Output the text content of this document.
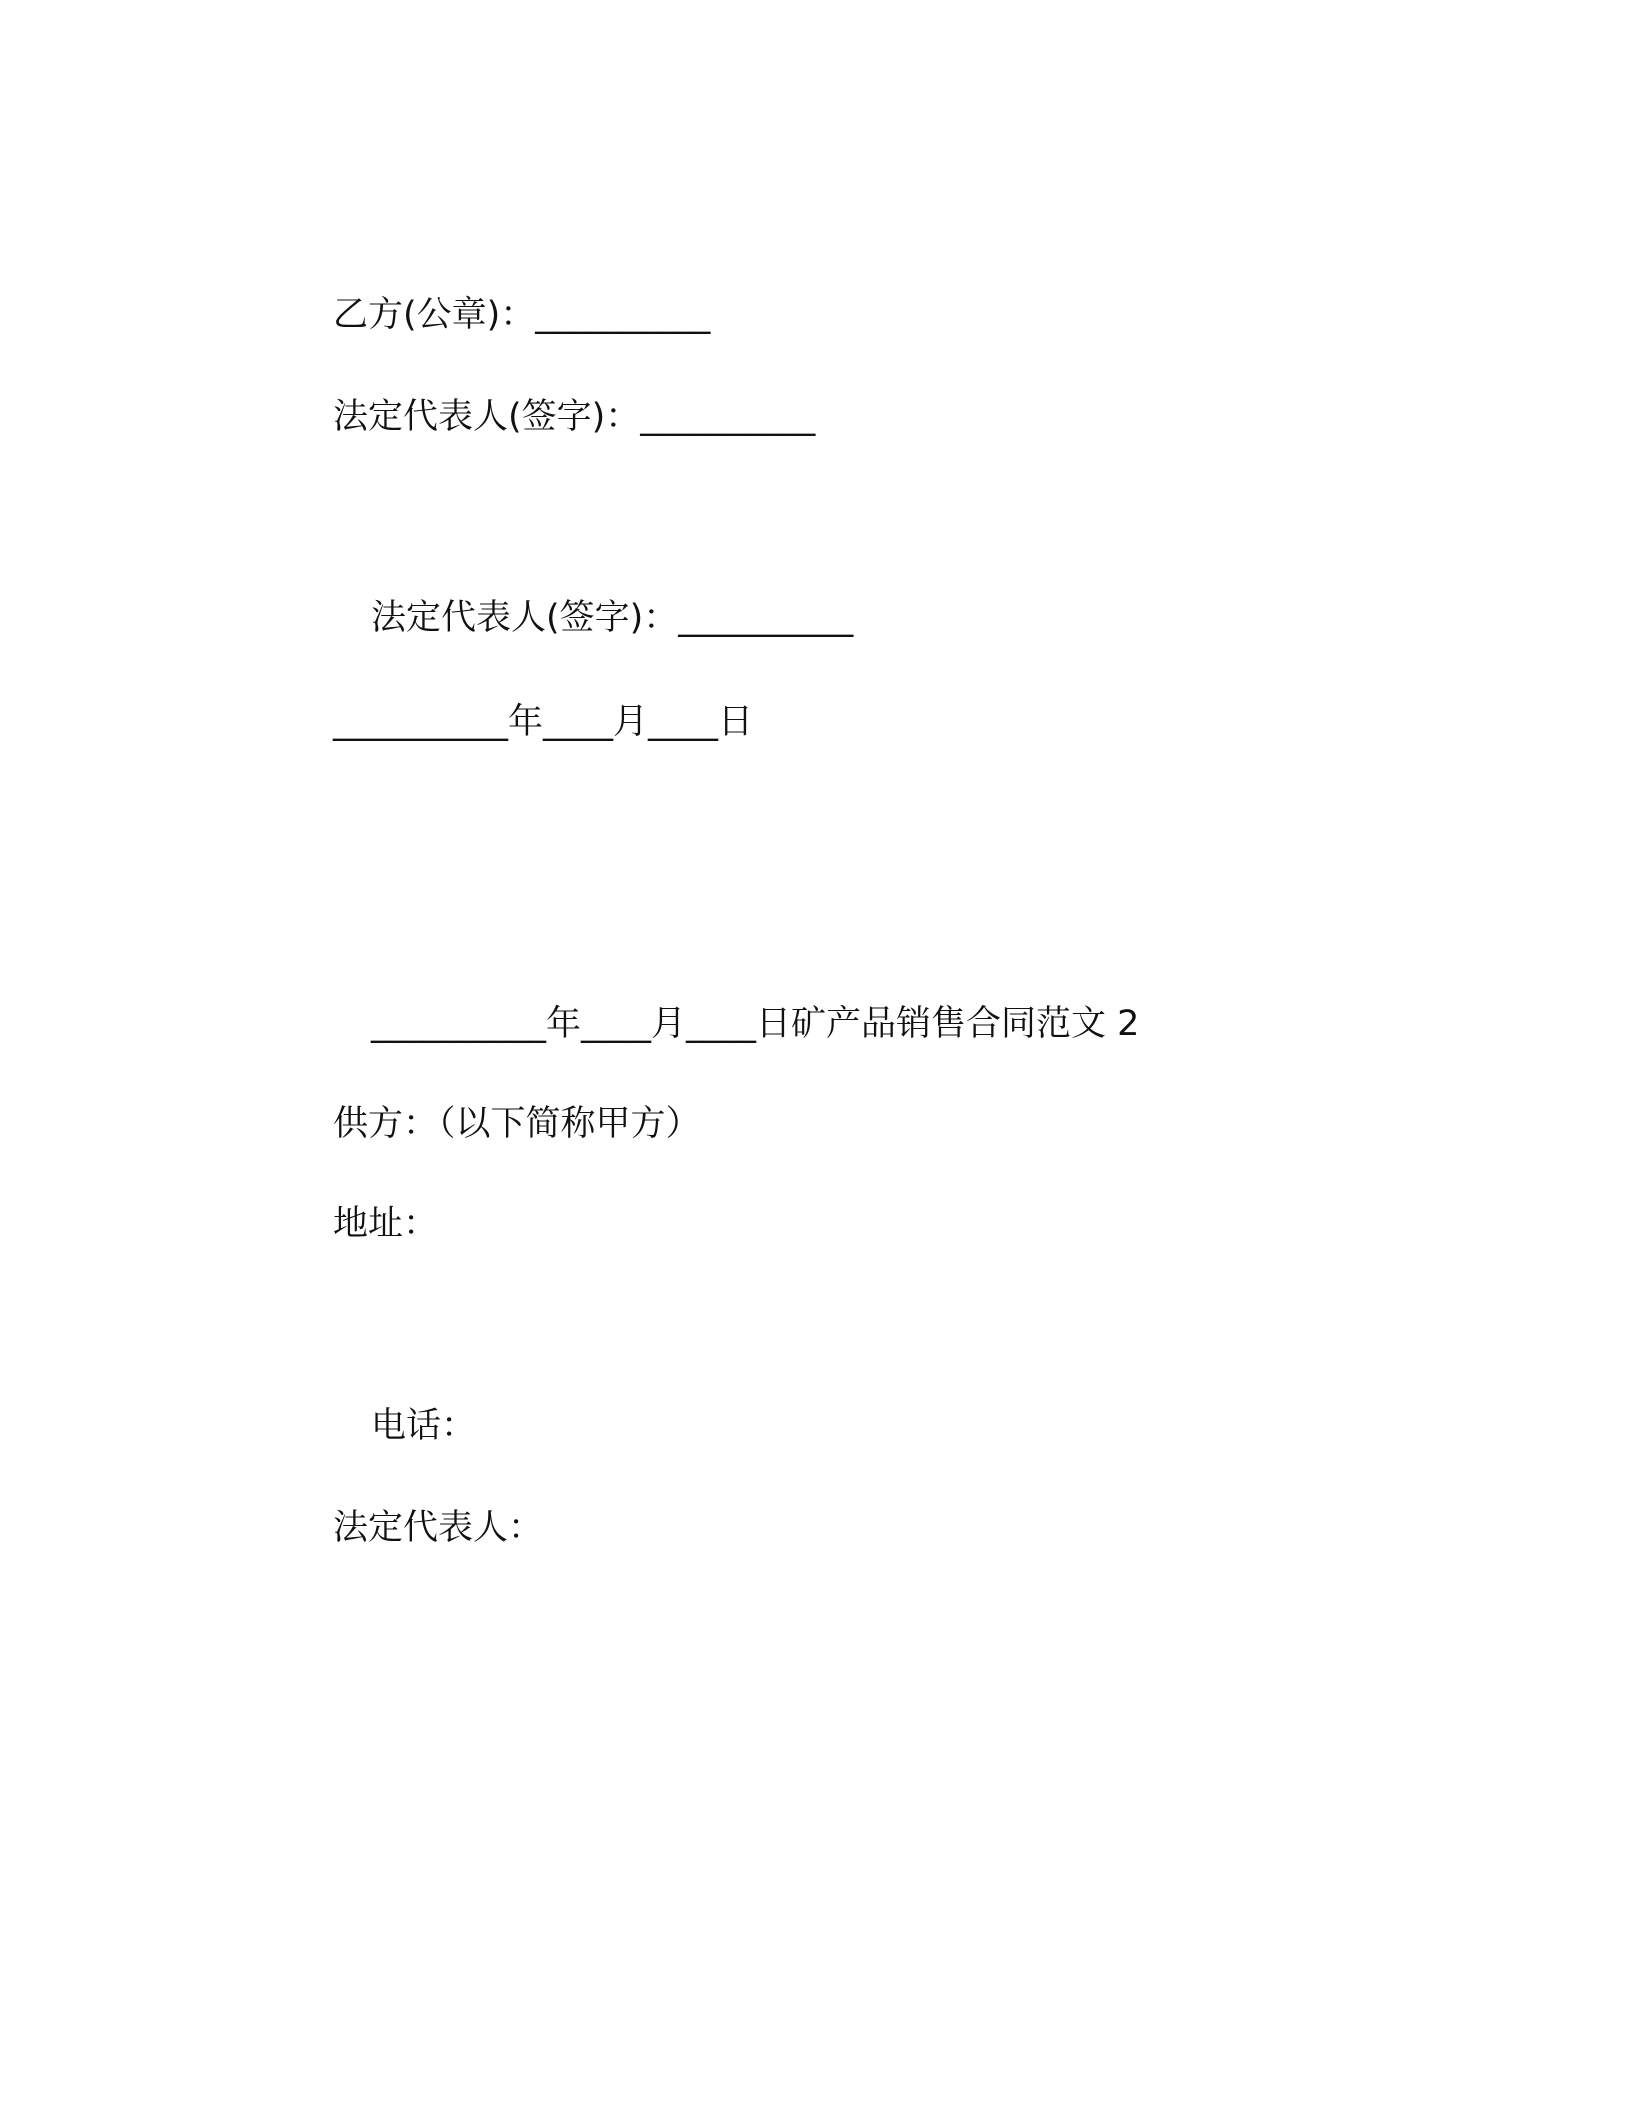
乙方(公章)：__________
法定代表人(签字)：__________
法定代表人(签字)：__________
__________年____月____日
__________年____月____日矿产品销售合同范文 2
供方：（以下简称甲方）
地址：
电话：
法定代表人：
